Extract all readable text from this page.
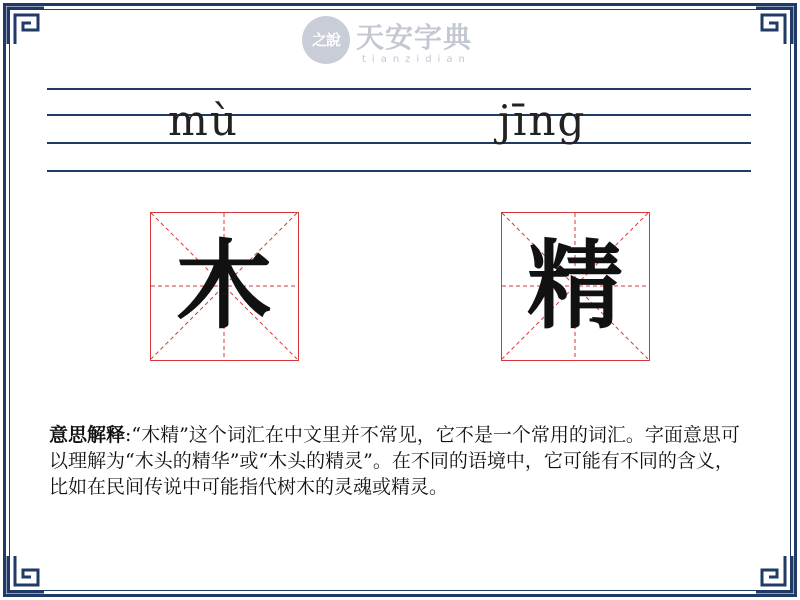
之說 天安字典
tianzidian
mù	jīng
木	精
意思解释:“木精”这个词汇在中文里并不常见，它不是一个常用的词汇。字面意思可以理解为“木头的精华”或“木头的精灵”。在不同的语境中，它可能有不同的含义，比如在民间传说中可能指代树木的灵魂或精灵。
